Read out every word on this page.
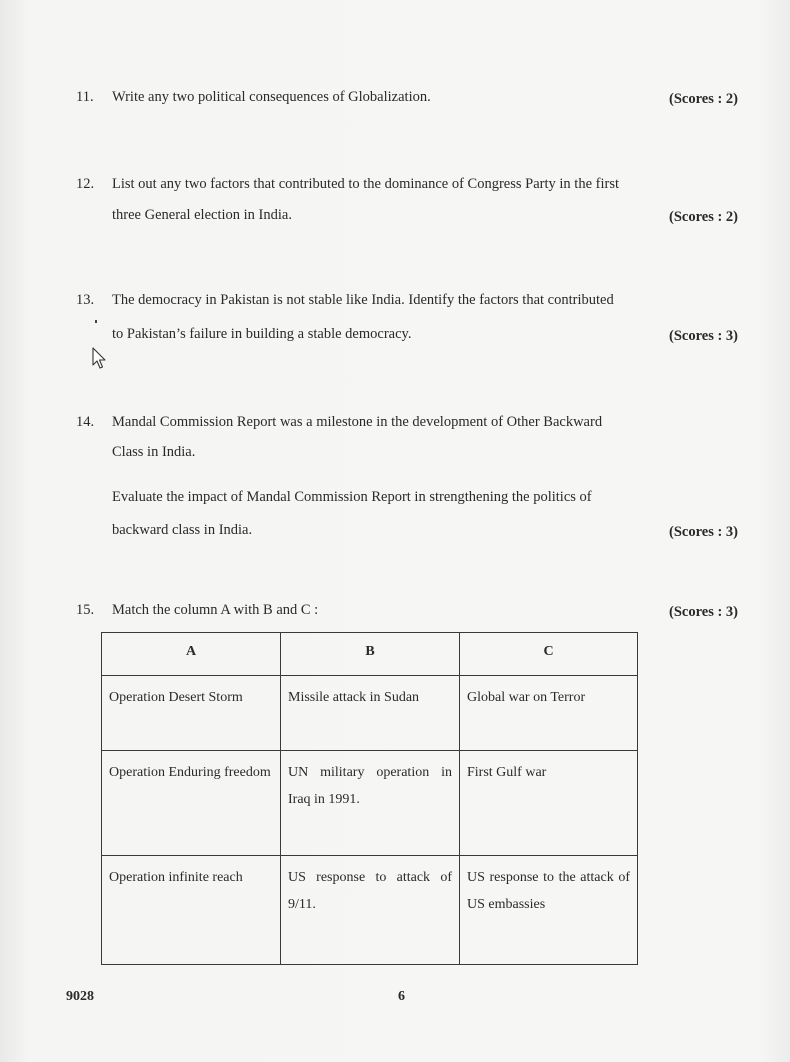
11.	Write any two political consequences of Globalization.	(Scores : 2)
12.	List out any two factors that contributed to the dominance of Congress Party in the first
three General election in India.	(Scores : 2)
13.	The democracy in Pakistan is not stable like India. Identify the factors that contributed
to Pakistan’s failure in building a stable democracy.	(Scores : 3)
14.	Mandal Commission Report was a milestone in the development of Other Backward
Class in India.
Evaluate the impact of Mandal Commission Report in strengthening the politics of
backward class in India.	(Scores : 3)
15.	Match the column A with B and C :	(Scores : 3)
A	B	C
Operation Desert Storm	Missile attack in Sudan	Global war on Terror
Operation Enduring freedom	UN military operation in Iraq in 1991.	First Gulf war
Operation infinite reach	US response to attack of 9/11.	US response to the attack of US embassies
9028	6
